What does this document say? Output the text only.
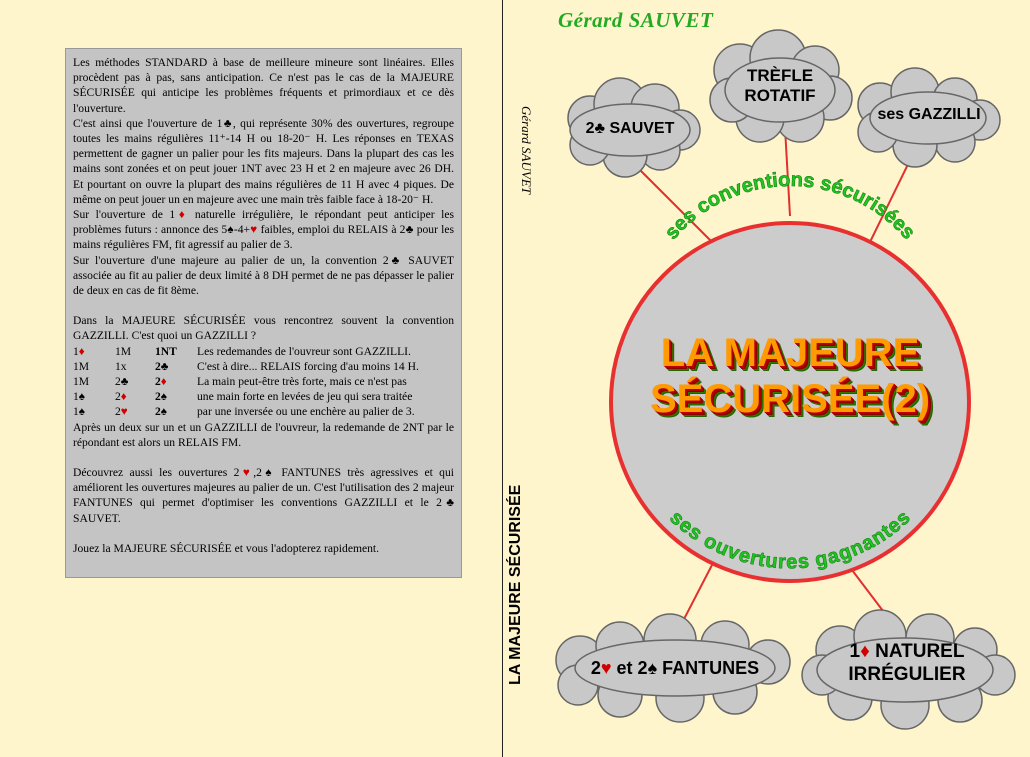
Les méthodes STANDARD à base de meilleure mineure sont linéaires. Elles procèdent pas à pas, sans anticipation. Ce n'est pas le cas de la MAJEURE SÉCURISÉE qui anticipe les problèmes fréquents et primordiaux et ce dès l'ouverture.

C'est ainsi que l'ouverture de 1♣, qui représente 30% des ouvertures, regroupe toutes les mains régulières 11⁺-14 H ou 18-20⁻ H. Les réponses en TEXAS permettent de gagner un palier pour les fits majeurs. Dans la plupart des cas les mains sont zonées et on peut jouer 1NT avec 23 H et 2 en majeure avec 26 DH. Et pourtant on ouvre la plupart des mains régulières de 11 H avec 4 piques. De même on peut jouer un en majeure avec une main très faible face à 18-20⁻ H.

Sur l'ouverture de 1♦ naturelle irrégulière, le répondant peut anticiper les problèmes futurs : annonce des 5♠-4+♥ faibles, emploi du RELAIS à 2♣ pour les mains régulières FM, fit agressif au palier de 3.

Sur l'ouverture d'une majeure au palier de un, la convention 2♣ SAUVET associée au fit au palier de deux limité à 8 DH permet de ne pas dépasser le palier de deux en cas de fit 8ème.

Dans la MAJEURE SÉCURISÉE vous rencontrez souvent la convention GAZZILLI. C'est quoi un GAZZILLI ?

1♦	1M	1NT	Les redemandes de l'ouvreur sont GAZZILLI.
1M	1x	2♣	C'est à dire... RELAIS forcing d'au moins 14 H.
1M	2♣	2♦	La main peut-être très forte, mais ce n'est pas
1♠	2♦	2♠	une main forte en levées de jeu qui sera traitée
1♠	2♥	2♠	par une inversée ou une enchère au palier de 3.

Après un deux sur un et un GAZZILLI de l'ouvreur, la redemande de 2NT par le répondant est alors un RELAIS FM.

Découvrez aussi les ouvertures 2♥,2♠ FANTUNES très agressives et qui améliorent les ouvertures majeures au palier de un. C'est l'utilisation des 2 majeur FANTUNES qui permet d'optimiser les conventions GAZZILLI et le 2♣ SAUVET.

Jouez la MAJEURE SÉCURISÉE et vous l'adopterez rapidement.

Gérard SAUVET
LA MAJEURE SÉCURISÉE
Gérard SAUVET
ses conventions sécurisées
ses ouvertures gagnantes
2♣ SAUVET
TRÈFLE
ROTATIF
ses GAZZILLI
2♥ et 2♠ FANTUNES
1♦ NATUREL
IRRÉGULIER
LA MAJEURE
SÉCURISÉE(2)
